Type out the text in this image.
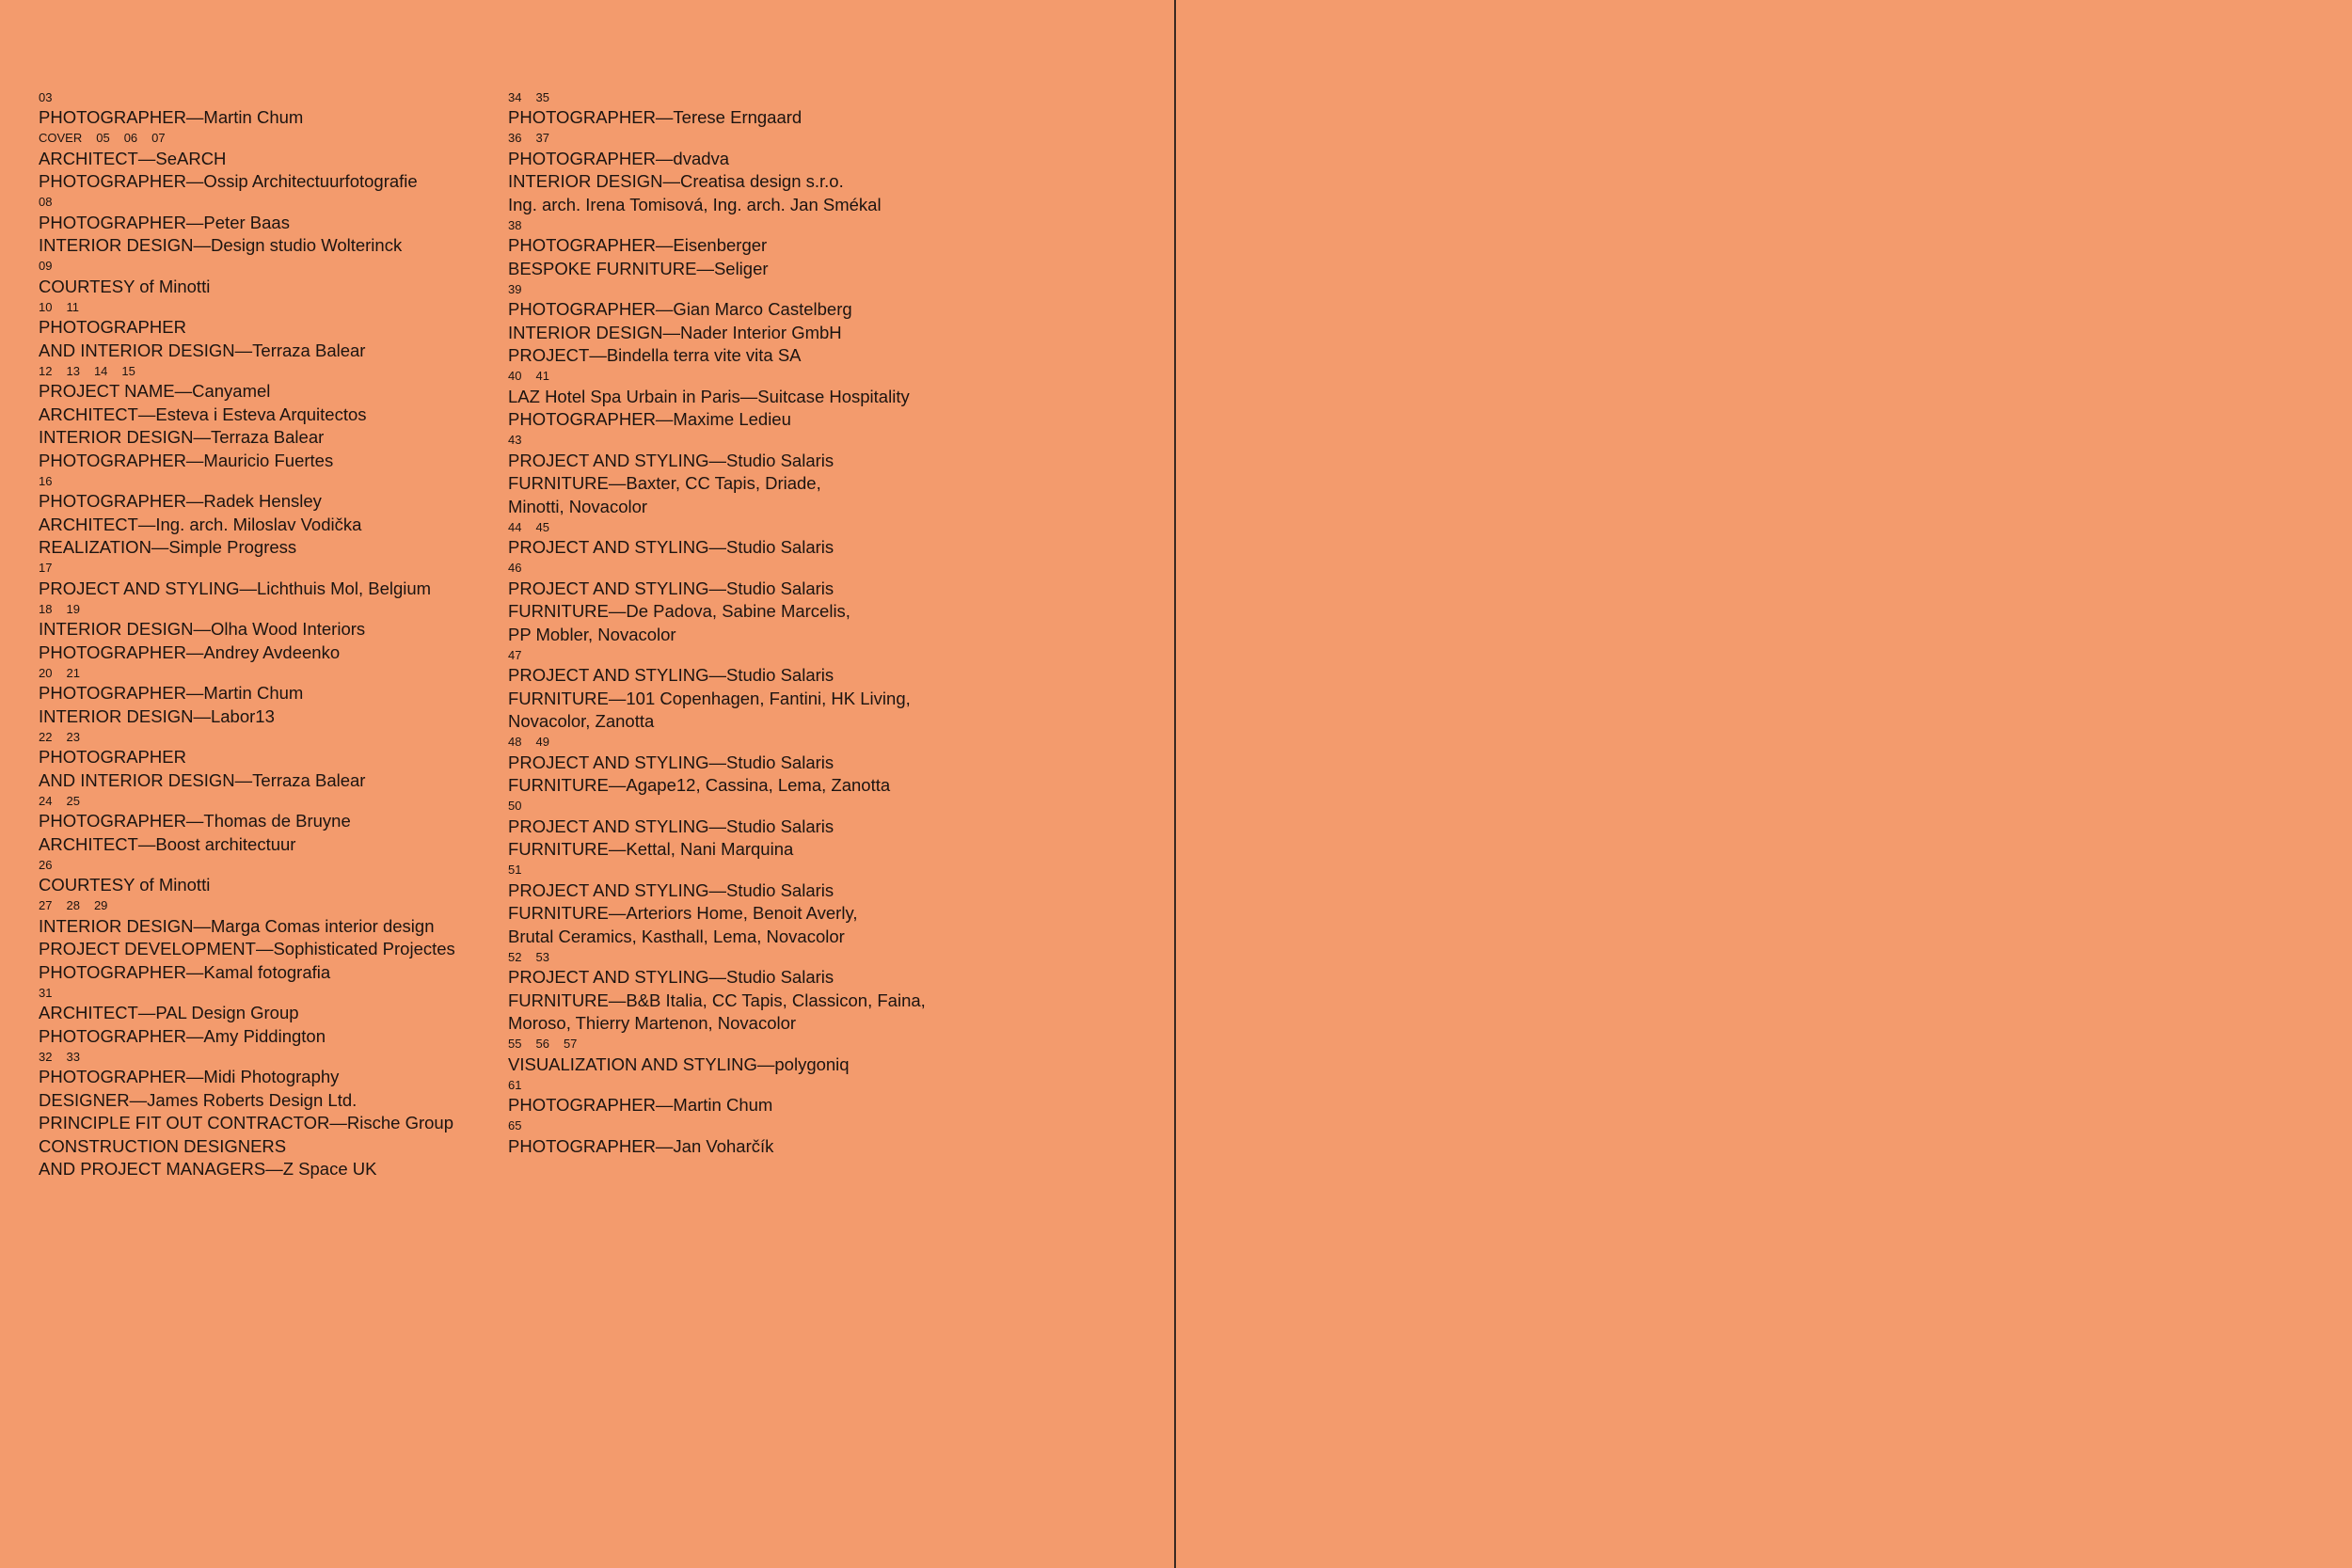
03
PHOTOGRAPHER—Martin Chum
COVER 05 06 07
ARCHITECT—SeARCH
PHOTOGRAPHER—Ossip Architectuurfotografie
08
PHOTOGRAPHER—Peter Baas
INTERIOR DESIGN—Design studio Wolterinck
09
COURTESY of Minotti
10 11
PHOTOGRAPHER
AND INTERIOR DESIGN—Terraza Balear
12 13 14 15
PROJECT NAME—Canyamel
ARCHITECT—Esteva i Esteva Arquitectos
INTERIOR DESIGN—Terraza Balear
PHOTOGRAPHER—Mauricio Fuertes
16
PHOTOGRAPHER—Radek Hensley
ARCHITECT—Ing. arch. Miloslav Vodička
REALIZATION—Simple Progress
17
PROJECT AND STYLING—Lichthuis Mol, Belgium
18 19
INTERIOR DESIGN—Olha Wood Interiors
PHOTOGRAPHER—Andrey Avdeenko
20 21
PHOTOGRAPHER—Martin Chum
INTERIOR DESIGN—Labor13
22 23
PHOTOGRAPHER
AND INTERIOR DESIGN—Terraza Balear
24 25
PHOTOGRAPHER—Thomas de Bruyne
ARCHITECT—Boost architectuur
26
COURTESY of Minotti
27 28 29
INTERIOR DESIGN—Marga Comas interior design
PROJECT DEVELOPMENT—Sophisticated Projectes
PHOTOGRAPHER—Kamal fotografia
31
ARCHITECT—PAL Design Group
PHOTOGRAPHER—Amy Piddington
32 33
PHOTOGRAPHER—Midi Photography
DESIGNER—James Roberts Design Ltd.
PRINCIPLE FIT OUT CONTRACTOR—Rische Group
CONSTRUCTION DESIGNERS
AND PROJECT MANAGERS—Z Space UK
34 35
PHOTOGRAPHER—Terese Erngaard
36 37
PHOTOGRAPHER—dvadva
INTERIOR DESIGN—Creatisa design s.r.o.
Ing. arch. Irena Tomisová, Ing. arch. Jan Smékal
38
PHOTOGRAPHER—Eisenberger
BESPOKE FURNITURE—Seliger
39
PHOTOGRAPHER—Gian Marco Castelberg
INTERIOR DESIGN—Nader Interior GmbH
PROJECT—Bindella terra vite vita SA
40 41
LAZ Hotel Spa Urbain in Paris—Suitcase Hospitality
PHOTOGRAPHER—Maxime Ledieu
43
PROJECT AND STYLING—Studio Salaris
FURNITURE—Baxter, CC Tapis, Driade,
Minotti, Novacolor
44 45
PROJECT AND STYLING—Studio Salaris
46
PROJECT AND STYLING—Studio Salaris
FURNITURE—De Padova, Sabine Marcelis,
PP Mobler, Novacolor
47
PROJECT AND STYLING—Studio Salaris
FURNITURE—101 Copenhagen, Fantini, HK Living,
Novacolor, Zanotta
48 49
PROJECT AND STYLING—Studio Salaris
FURNITURE—Agape12, Cassina, Lema, Zanotta
50
PROJECT AND STYLING—Studio Salaris
FURNITURE—Kettal, Nani Marquina
51
PROJECT AND STYLING—Studio Salaris
FURNITURE—Arteriors Home, Benoit Averly,
Brutal Ceramics, Kasthall, Lema, Novacolor
52 53
PROJECT AND STYLING—Studio Salaris
FURNITURE—B&B Italia, CC Tapis, Classicon, Faina,
Moroso, Thierry Martenon, Novacolor
55 56 57
VISUALIZATION AND STYLING—polygoniq
61
PHOTOGRAPHER—Martin Chum
65
PHOTOGRAPHER—Jan Voharčík
